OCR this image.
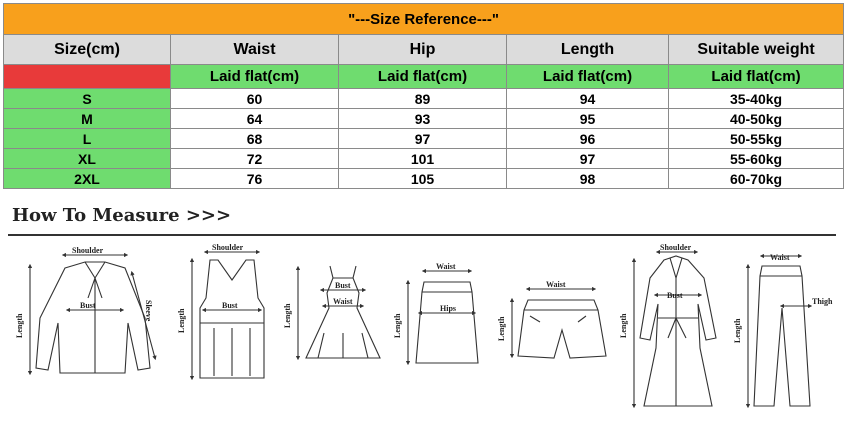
"---Size Reference---"				
Size(cm)	Waist	Hip	Length	Suitable weight
	Laid flat(cm)	Laid flat(cm)	Laid flat(cm)	Laid flat(cm)
S	60	89	94	35-40kg
M	64	93	95	40-50kg
L	68	97	96	50-55kg
XL	72	101	97	55-60kg
2XL	76	105	98	60-70kg
How To Measure >>>
Shoulder
Bust
Length
Sleeve
Shoulder
Bust
Length
Bust
Waist
Length
Waist
Hips
Length
Waist
Length
Shoulder
Bust
Length
Waist
Thigh
Length
